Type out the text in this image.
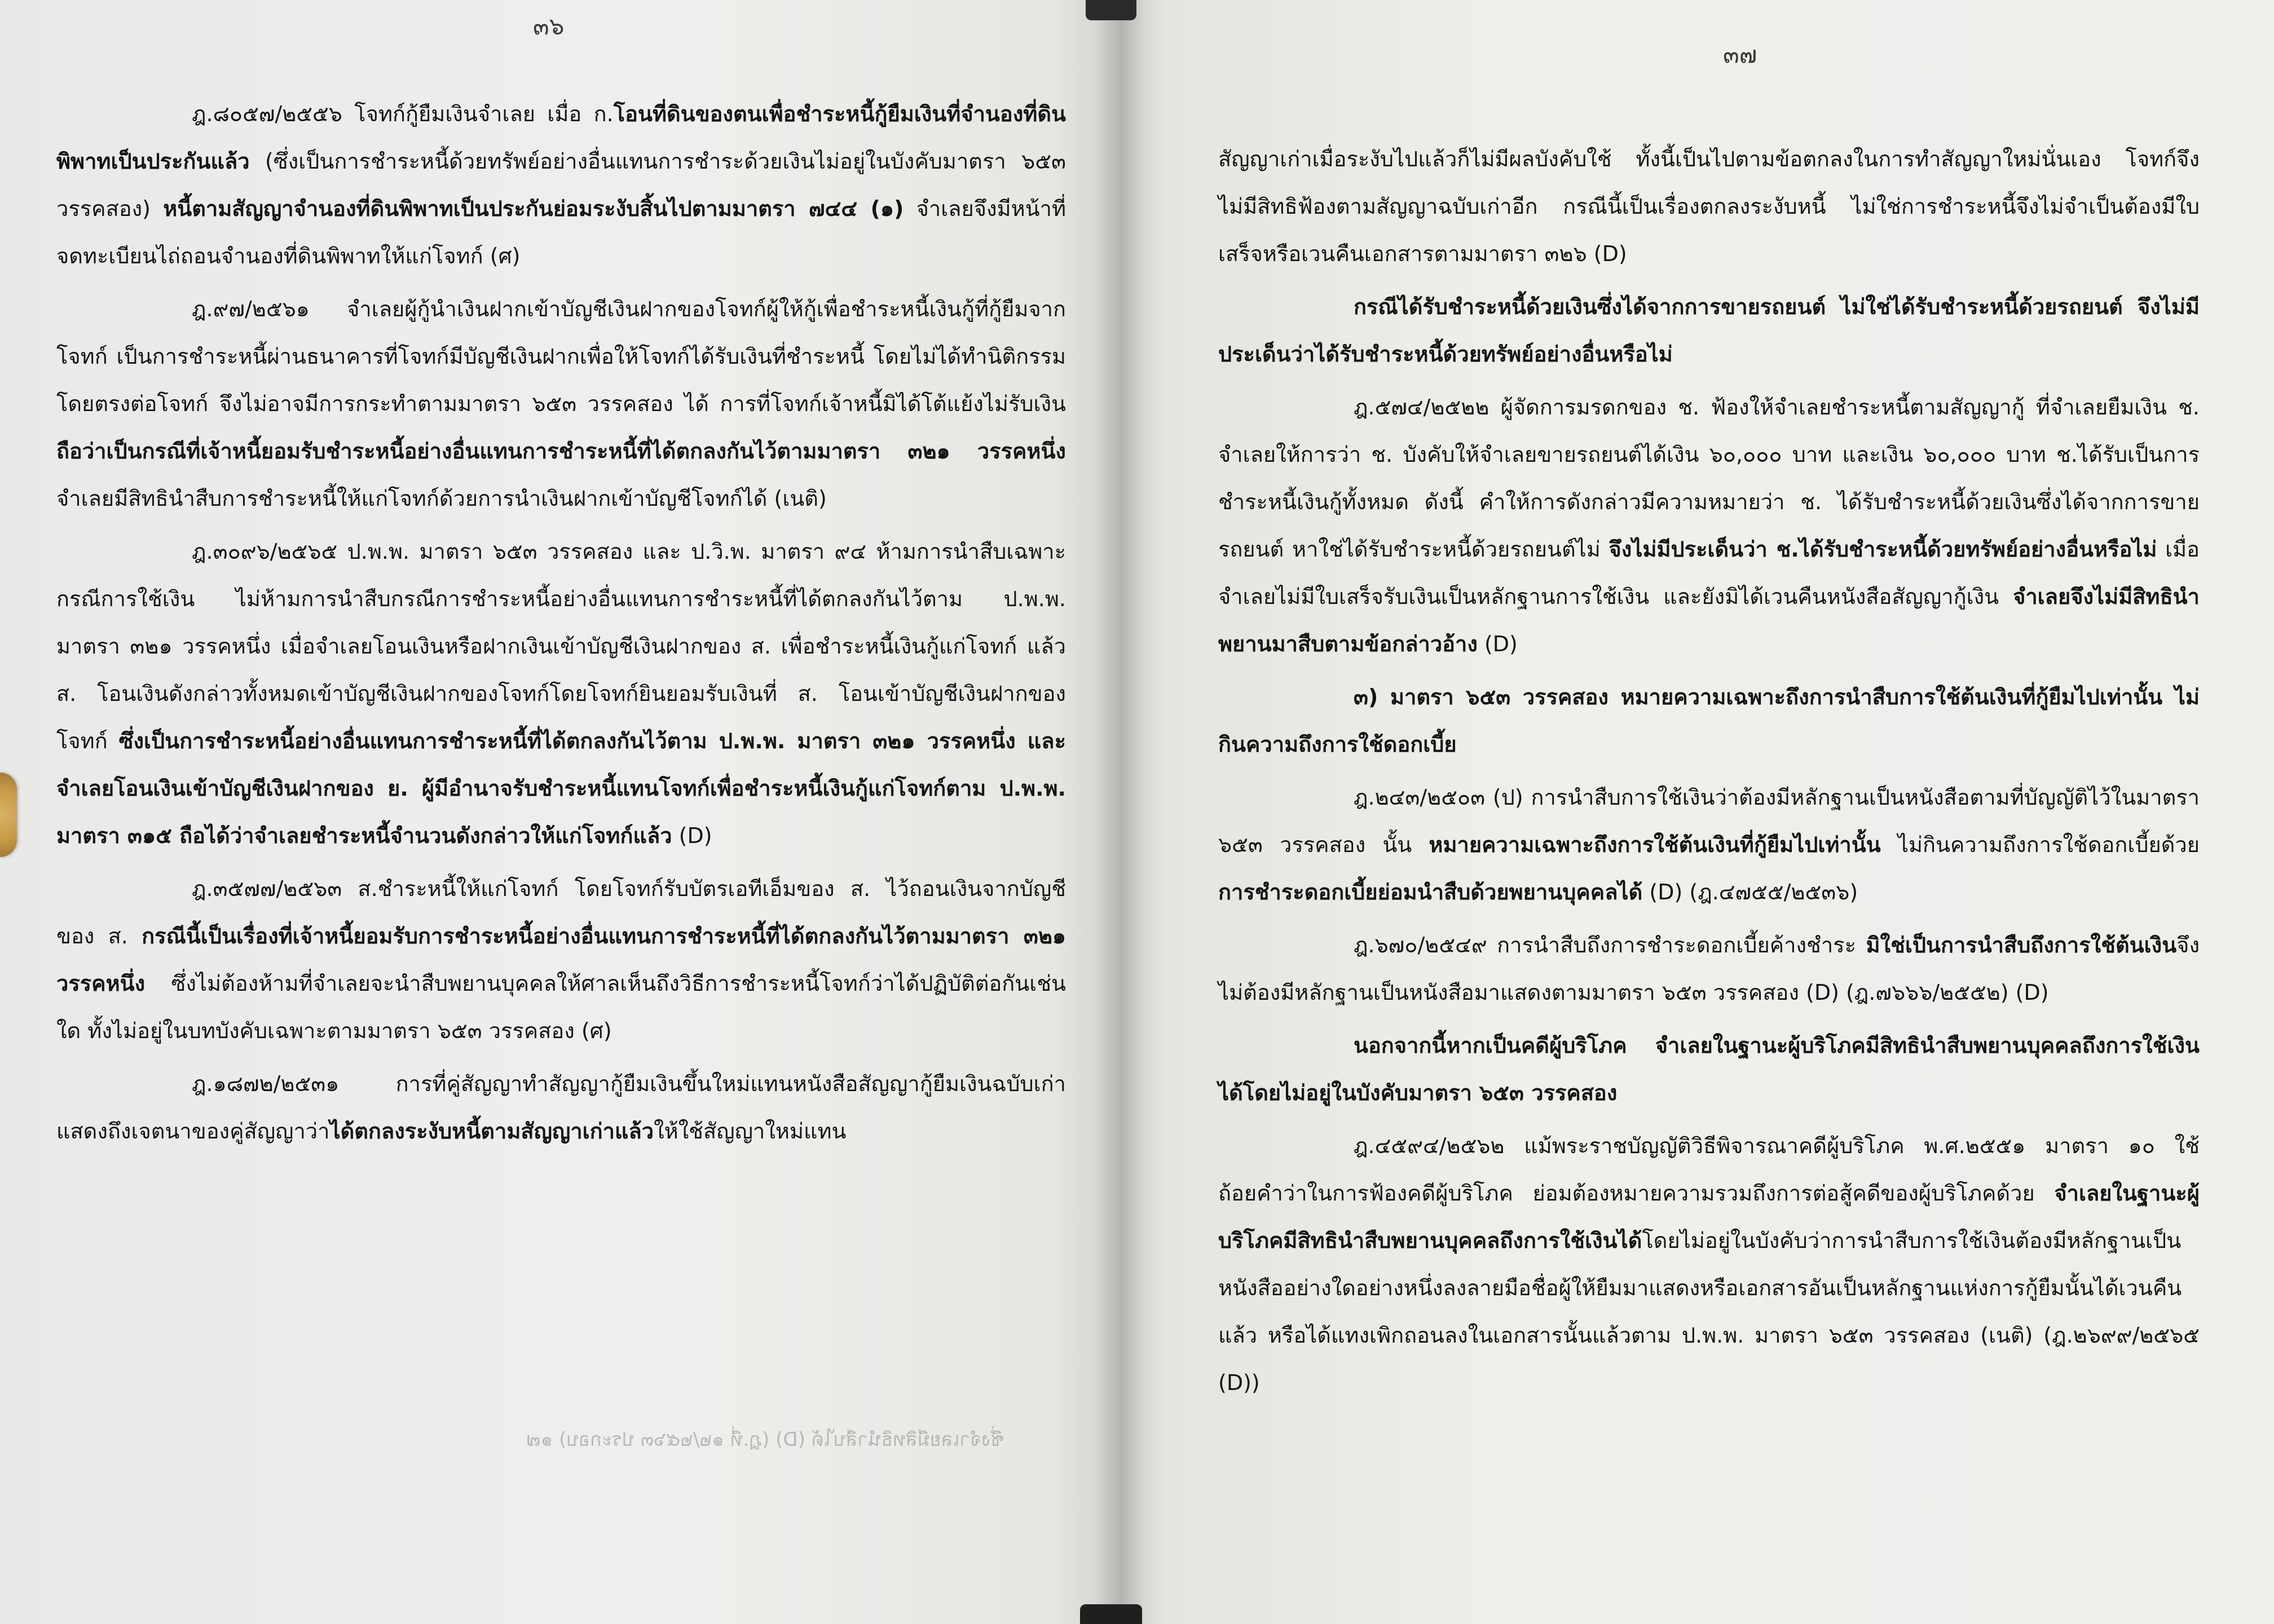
๓๖

ฎ.๘๐๕๗/๒๕๕๖ โจทก์กู้ยืมเงินจำเลย เมื่อ ก.โอนที่ดินของตนเพื่อชำระหนี้กู้ยืมเงินที่จำนองที่ดินพิพาทเป็นประกันแล้ว (ซึ่งเป็นการชำระหนี้ด้วยทรัพย์อย่างอื่นแทนการชำระด้วยเงินไม่อยู่ในบังคับมาตรา ๖๕๓ วรรคสอง) หนี้ตามสัญญาจำนองที่ดินพิพาทเป็นประกันย่อมระงับสิ้นไปตามมาตรา ๗๔๔ (๑) จำเลยจึงมีหน้าที่จดทะเบียนไถ่ถอนจำนองที่ดินพิพาทให้แก่โจทก์ (ศ)

ฎ.๙๗/๒๕๖๑ จำเลยผู้กู้นำเงินฝากเข้าบัญชีเงินฝากของโจทก์ผู้ให้กู้เพื่อชำระหนี้เงินกู้ที่กู้ยืมจากโจทก์ เป็นการชำระหนี้ผ่านธนาคารที่โจทก์มีบัญชีเงินฝากเพื่อให้โจทก์ได้รับเงินที่ชำระหนี้ โดยไม่ได้ทำนิติกรรมโดยตรงต่อโจทก์ จึงไม่อาจมีการกระทำตามมาตรา ๖๕๓ วรรคสอง ได้ การที่โจทก์เจ้าหนี้มิได้โต้แย้งไม่รับเงิน ถือว่าเป็นกรณีที่เจ้าหนี้ยอมรับชำระหนี้อย่างอื่นแทนการชำระหนี้ที่ได้ตกลงกันไว้ตามมาตรา ๓๒๑ วรรคหนึ่ง จำเลยมีสิทธินำสืบการชำระหนี้ให้แก่โจทก์ด้วยการนำเงินฝากเข้าบัญชีโจทก์ได้ (เนติ)

ฎ.๓๐๙๖/๒๕๖๕ ป.พ.พ. มาตรา ๖๕๓ วรรคสอง และ ป.วิ.พ. มาตรา ๙๔ ห้ามการนำสืบเฉพาะกรณีการใช้เงิน ไม่ห้ามการนำสืบกรณีการชำระหนี้อย่างอื่นแทนการชำระหนี้ที่ได้ตกลงกันไว้ตาม ป.พ.พ. มาตรา ๓๒๑ วรรคหนึ่ง เมื่อจำเลยโอนเงินหรือฝากเงินเข้าบัญชีเงินฝากของ ส. เพื่อชำระหนี้เงินกู้แก่โจทก์ แล้ว ส. โอนเงินดังกล่าวทั้งหมดเข้าบัญชีเงินฝากของโจทก์โดยโจทก์ยินยอมรับเงินที่ ส. โอนเข้าบัญชีเงินฝากของโจทก์ ซึ่งเป็นการชำระหนี้อย่างอื่นแทนการชำระหนี้ที่ได้ตกลงกันไว้ตาม ป.พ.พ. มาตรา ๓๒๑ วรรคหนึ่ง และจำเลยโอนเงินเข้าบัญชีเงินฝากของ ย. ผู้มีอำนาจรับชำระหนี้แทนโจทก์เพื่อชำระหนี้เงินกู้แก่โจทก์ตาม ป.พ.พ. มาตรา ๓๑๕ ถือได้ว่าจำเลยชำระหนี้จำนวนดังกล่าวให้แก่โจทก์แล้ว (D)

ฎ.๓๕๗๗/๒๕๖๓ ส.ชำระหนี้ให้แก่โจทก์ โดยโจทก์รับบัตรเอทีเอ็มของ ส. ไว้ถอนเงินจากบัญชีของ ส. กรณีนี้เป็นเรื่องที่เจ้าหนี้ยอมรับการชำระหนี้อย่างอื่นแทนการชำระหนี้ที่ได้ตกลงกันไว้ตามมาตรา ๓๒๑ วรรคหนึ่ง ซึ่งไม่ต้องห้ามที่จำเลยจะนำสืบพยานบุคคลให้ศาลเห็นถึงวิธีการชำระหนี้โจทก์ว่าได้ปฏิบัติต่อกันเช่นใด ทั้งไม่อยู่ในบทบังคับเฉพาะตามมาตรา ๖๕๓ วรรคสอง (ศ)

ฎ.๑๘๗๒/๒๕๓๑ การที่คู่สัญญาทำสัญญากู้ยืมเงินขึ้นใหม่แทนหนังสือสัญญากู้ยืมเงินฉบับเก่าแสดงถึงเจตนาของคู่สัญญาว่าได้ตกลงระงับหนี้ตามสัญญาเก่าแล้วให้ใช้สัญญาใหม่แทน

ซึ่งจำเลยมีสิทธินำสืบได้ (D) (ฎ.ที่ ๑๒/๒๕๖๓ ประกอบ) ๑๗
๓๗

สัญญาเก่าเมื่อระงับไปแล้วก็ไม่มีผลบังคับใช้ ทั้งนี้เป็นไปตามข้อตกลงในการทำสัญญาใหม่นั่นเอง โจทก์จึงไม่มีสิทธิฟ้องตามสัญญาฉบับเก่าอีก กรณีนี้เป็นเรื่องตกลงระงับหนี้ ไม่ใช่การชำระหนี้จึงไม่จำเป็นต้องมีใบเสร็จหรือเวนคืนเอกสารตามมาตรา ๓๒๖ (D)

กรณีได้รับชำระหนี้ด้วยเงินซึ่งได้จากการขายรถยนต์ ไม่ใช่ได้รับชำระหนี้ด้วยรถยนต์ จึงไม่มีประเด็นว่าได้รับชำระหนี้ด้วยทรัพย์อย่างอื่นหรือไม่

ฎ.๕๗๔/๒๕๒๒ ผู้จัดการมรดกของ ช. ฟ้องให้จำเลยชำระหนี้ตามสัญญากู้ ที่จำเลยยืมเงิน ช. จำเลยให้การว่า ช. บังคับให้จำเลยขายรถยนต์ได้เงิน ๖๐,๐๐๐ บาท และเงิน ๖๐,๐๐๐ บาท ช.ได้รับเป็นการชำระหนี้เงินกู้ทั้งหมด ดังนี้ คำให้การดังกล่าวมีความหมายว่า ช. ได้รับชำระหนี้ด้วยเงินซึ่งได้จากการขายรถยนต์ หาใช่ได้รับชำระหนี้ด้วยรถยนต์ไม่ จึงไม่มีประเด็นว่า ช.ได้รับชำระหนี้ด้วยทรัพย์อย่างอื่นหรือไม่ เมื่อจำเลยไม่มีใบเสร็จรับเงินเป็นหลักฐานการใช้เงิน และยังมิได้เวนคืนหนังสือสัญญากู้เงิน จำเลยจึงไม่มีสิทธินำพยานมาสืบตามข้อกล่าวอ้าง (D)

๓) มาตรา ๖๕๓ วรรคสอง หมายความเฉพาะถึงการนำสืบการใช้ต้นเงินที่กู้ยืมไปเท่านั้น ไม่กินความถึงการใช้ดอกเบี้ย

ฎ.๒๔๓/๒๕๐๓ (ป) การนำสืบการใช้เงินว่าต้องมีหลักฐานเป็นหนังสือตามที่บัญญัติไว้ในมาตรา ๖๕๓ วรรคสอง นั้น หมายความเฉพาะถึงการใช้ต้นเงินที่กู้ยืมไปเท่านั้น ไม่กินความถึงการใช้ดอกเบี้ยด้วย การชำระดอกเบี้ยย่อมนำสืบด้วยพยานบุคคลได้ (D) (ฎ.๔๗๕๕/๒๕๓๖)

ฎ.๖๗๐/๒๕๔๙ การนำสืบถึงการชำระดอกเบี้ยค้างชำระ มิใช่เป็นการนำสืบถึงการใช้ต้นเงินจึงไม่ต้องมีหลักฐานเป็นหนังสือมาแสดงตามมาตรา ๖๕๓ วรรคสอง (D) (ฎ.๗๖๖๖/๒๕๕๒) (D)

นอกจากนี้หากเป็นคดีผู้บริโภค จำเลยในฐานะผู้บริโภคมีสิทธินำสืบพยานบุคคลถึงการใช้เงินได้โดยไม่อยู่ในบังคับมาตรา ๖๕๓ วรรคสอง

ฎ.๔๕๙๔/๒๕๖๒ แม้พระราชบัญญัติวิธีพิจารณาคดีผู้บริโภค พ.ศ.๒๕๕๑ มาตรา ๑๐ ใช้ถ้อยคำว่าในการฟ้องคดีผู้บริโภค ย่อมต้องหมายความรวมถึงการต่อสู้คดีของผู้บริโภคด้วย จำเลยในฐานะผู้บริโภคมีสิทธินำสืบพยานบุคคลถึงการใช้เงินได้โดยไม่อยู่ในบังคับว่าการนำสืบการใช้เงินต้องมีหลักฐานเป็นหนังสืออย่างใดอย่างหนึ่งลงลายมือชื่อผู้ให้ยืมมาแสดงหรือเอกสารอันเป็นหลักฐานแห่งการกู้ยืมนั้นได้เวนคืนแล้ว หรือได้แทงเพิกถอนลงในเอกสารนั้นแล้วตาม ป.พ.พ. มาตรา ๖๕๓ วรรคสอง (เนติ) (ฎ.๒๖๙๙/๒๕๖๕ (D))
